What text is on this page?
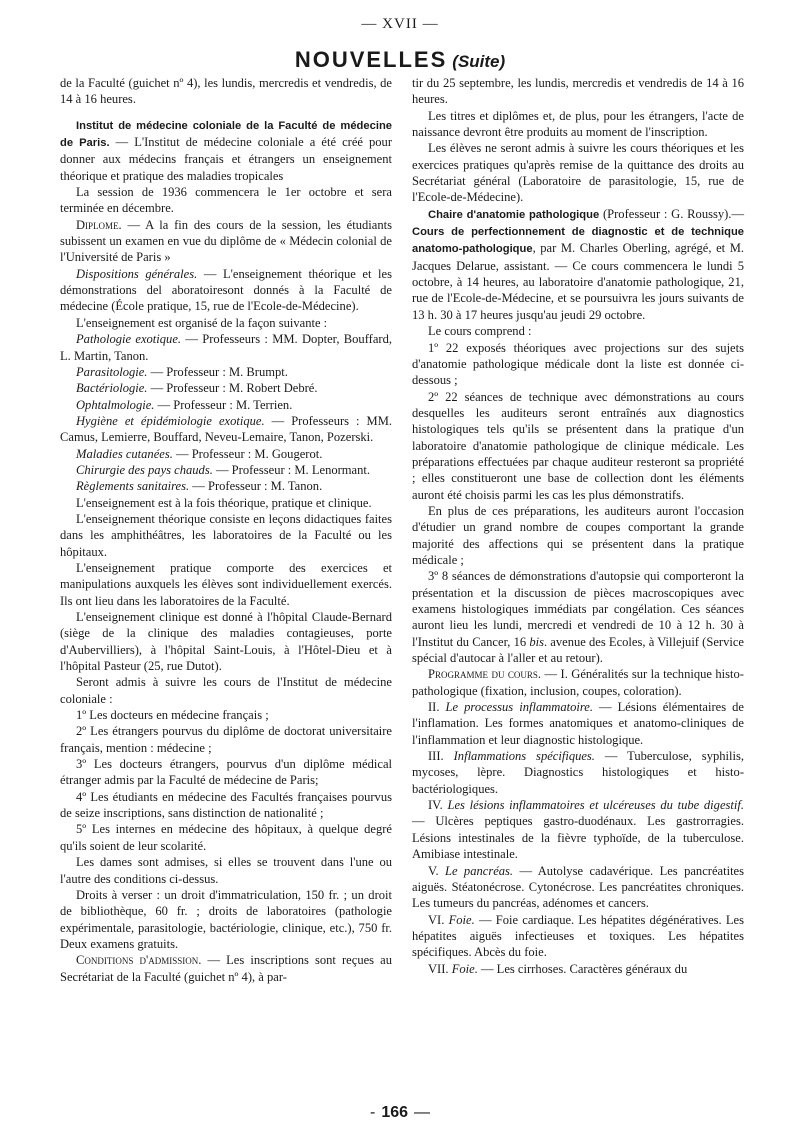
— XVII —
NOUVELLES (Suite)

de la Faculté (guichet nº 4), les lundis, mercredis et vendredis, de 14 à 16 heures.

Institut de médecine coloniale de la Faculté de médecine de Paris. — L'Institut de médecine coloniale a été créé pour donner aux médecins français et étrangers un enseignement théorique et pratique des maladies tropicales

La session de 1936 commencera le 1er octobre et sera terminée en décembre.

Diplome. — A la fin des cours de la session, les étudiants subissent un examen en vue du diplôme de « Médecin colonial de l'Université de Paris »

Dispositions générales. — L'enseignement théorique et les démonstrations del aboratoiresont donnés à la Faculté de médecine (École pratique, 15, rue de l'Ecole-de-Médecine).

L'enseignement est organisé de la façon suivante :

Pathologie exotique. — Professeurs : MM. Dopter, Bouffard, L. Martin, Tanon.

Parasitologie. — Professeur : M. Brumpt.

Bactériologie. — Professeur : M. Robert Debré.

Ophtalmologie. — Professeur : M. Terrien.

Hygiène et épidémiologie exotique. — Professeurs : MM. Camus, Lemierre, Bouffard, Neveu-Lemaire, Tanon, Pozerski.

Maladies cutanées. — Professeur : M. Gougerot.

Chirurgie des pays chauds. — Professeur : M. Lenormant.

Règlements sanitaires. — Professeur : M. Tanon.

L'enseignement est à la fois théorique, pratique et clinique.

L'enseignement théorique consiste en leçons didactiques faites dans les amphithéâtres, les laboratoires de la Faculté ou les hôpitaux.

L'enseignement pratique comporte des exercices et manipulations auxquels les élèves sont individuellement exercés. Ils ont lieu dans les laboratoires de la Faculté.

L'enseignement clinique est donné à l'hôpital Claude-Bernard (siège de la clinique des maladies contagieuses, porte d'Aubervilliers), à l'hôpital Saint-Louis, à l'Hôtel-Dieu et à l'hôpital Pasteur (25, rue Dutot).

Seront admis à suivre les cours de l'Institut de médecine coloniale :

1º Les docteurs en médecine français ;

2º Les étrangers pourvus du diplôme de doctorat universitaire français, mention : médecine ;

3º Les docteurs étrangers, pourvus d'un diplôme médical étranger admis par la Faculté de médecine de Paris;

4º Les étudiants en médecine des Facultés françaises pourvus de seize inscriptions, sans distinction de nationalité ;

5º Les internes en médecine des hôpitaux, à quelque degré qu'ils soient de leur scolarité.

Les dames sont admises, si elles se trouvent dans l'une ou l'autre des conditions ci-dessus.

Droits à verser : un droit d'immatriculation, 150 fr. ; un droit de bibliothèque, 60 fr. ; droits de laboratoires (pathologie expérimentale, parasitologie, bactériologie, clinique, etc.), 750 fr. Deux examens gratuits.

Conditions d'admission. — Les inscriptions sont reçues au Secrétariat de la Faculté (guichet nº 4), à par-

tir du 25 septembre, les lundis, mercredis et vendredis de 14 à 16 heures.

Les titres et diplômes et, de plus, pour les étrangers, l'acte de naissance devront être produits au moment de l'inscription.

Les élèves ne seront admis à suivre les cours théoriques et les exercices pratiques qu'après remise de la quittance des droits au Secrétariat général (Laboratoire de parasitologie, 15, rue de l'Ecole-de-Médecine).

Chaire d'anatomie pathologique (Professeur : G. Roussy).— Cours de perfectionnement de diagnostic et de technique anatomo-pathologique, par M. Charles Oberling, agrégé, et M. Jacques Delarue, assistant. — Ce cours commencera le lundi 5 octobre, à 14 heures, au laboratoire d'anatomie pathologique, 21, rue de l'Ecole-de-Médecine, et se poursuivra les jours suivants de 13 h. 30 à 17 heures jusqu'au jeudi 29 octobre.

Le cours comprend :

1º 22 exposés théoriques avec projections sur des sujets d'anatomie pathologique médicale dont la liste est donnée ci-dessous ;

2º 22 séances de technique avec démonstrations au cours desquelles les auditeurs seront entraînés aux diagnostics histologiques tels qu'ils se présentent dans la pratique d'un laboratoire d'anatomie pathologique de clinique médicale. Les préparations effectuées par chaque auditeur resteront sa propriété ; elles constitueront une base de collection dont les éléments auront été choisis parmi les cas les plus démonstratifs.

En plus de ces préparations, les auditeurs auront l'occasion d'étudier un grand nombre de coupes comportant la grande majorité des affections qui se présentent dans la pratique médicale ;

3º 8 séances de démonstrations d'autopsie qui comporteront la présentation et la discussion de pièces macroscopiques avec examens histologiques immédiats par congélation. Ces séances auront lieu les lundi, mercredi et vendredi de 10 à 12 h. 30 à l'Institut du Cancer, 16 bis. avenue des Ecoles, à Villejuif (Service spécial d'autocar à l'aller et au retour).

Programme du cours. — I. Généralités sur la technique histo-pathologique (fixation, inclusion, coupes, coloration).

II. Le processus inflammatoire. — Lésions élémentaires de l'inflamation. Les formes anatomiques et anatomo-cliniques de l'inflammation et leur diagnostic histologique.

III. Inflammations spécifiques. — Tuberculose, syphilis, mycoses, lèpre. Diagnostics histologiques et histo-bactériologiques.

IV. Les lésions inflammatoires et ulcéreuses du tube digestif. — Ulcères peptiques gastro-duodénaux. Les gastrorragies. Lésions intestinales de la fièvre typhoïde, de la tuberculose. Amibiase intestinale.

V. Le pancréas. — Autolyse cadavérique. Les pancréatites aiguës. Stéatonécrose. Cytonécrose. Les pancréatites chroniques. Les tumeurs du pancréas, adénomes et cancers.

VI. Foie. — Foie cardiaque. Les hépatites dégénératives. Les hépatites aiguës infectieuses et toxiques. Les hépatites spécifiques. Abcès du foie.

VII. Foie. — Les cirrhoses. Caractères généraux du

- 166 —
